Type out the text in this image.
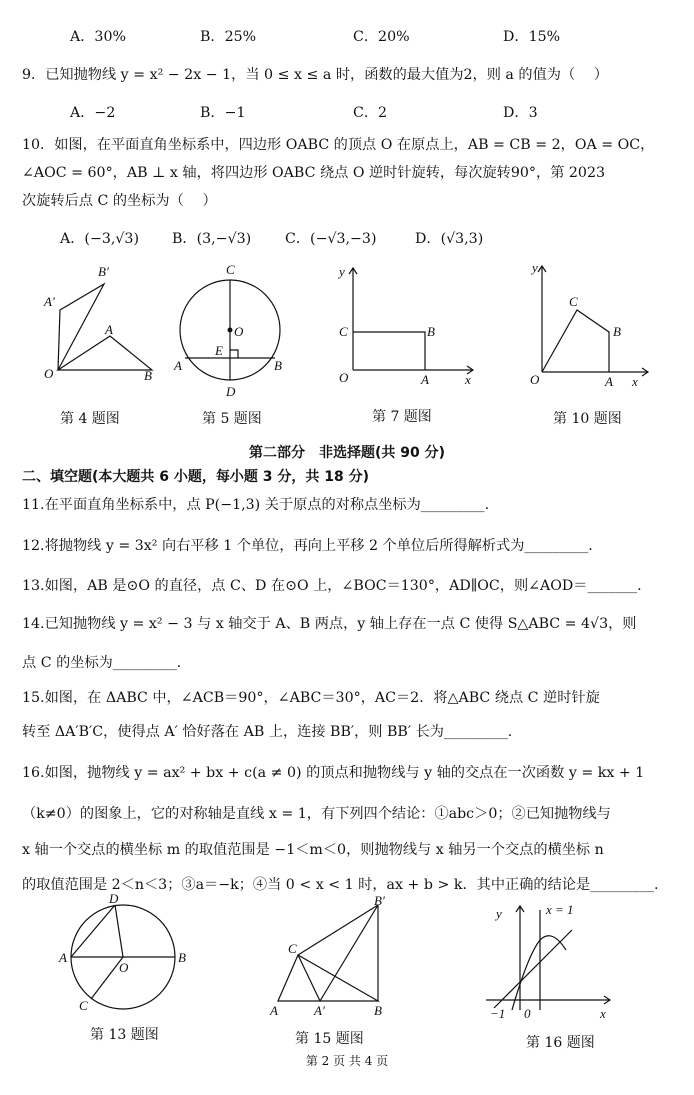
A．30%	B．25%	C．20%	D．15%
9．已知抛物线 y = x² − 2x − 1，当 0 ≤ x ≤ a 时，函数的最大值为2，则 a 的值为（　 ）
A．−2	B．−1	C．2	D．3
10．如图，在平面直角坐标系中，四边形 OABC 的顶点 O 在原点上，AB = CB = 2，OA = OC，
∠AOC = 60°，AB ⊥ x 轴，将四边形 OABC 绕点 O 逆时针旋转，每次旋转90°，第 2023
次旋转后点 C 的坐标为（　 ）
A．(−3,√3) B．(3,−√3) C．(−√3,−3)	D．(√3,3)
B′
A′
A
O	B
第 4 题图
C
O
E
A	B
D
第 5 题图
y
C	B
O	A	x
第 7 题图
y
C
B
O	A x
第 10 题图
第二部分　非选择题(共 90 分)
二、填空题(本大题共 6 小题，每小题 3 分，共 18 分)
11.在平面直角坐标系中，点 P(−1,3) 关于原点的对称点坐标为_________.
12.将抛物线 y = 3x² 向右平移 1 个单位，再向上平移 2 个单位后所得解析式为_________.
13.如图，AB 是⊙O 的直径，点 C、D 在⊙O 上，∠BOC＝130°，AD∥OC，则∠AOD＝_______.
14.已知抛物线 y = x² − 3 与 x 轴交于 A、B 两点，y 轴上存在一点 C 使得 S△ABC = 4√3，则
点 C 的坐标为_________.
15.如图，在 ΔABC 中，∠ACB＝90°，∠ABC＝30°，AC＝2．将△ABC 绕点 C 逆时针旋
转至 ΔA′B′C，使得点 A′ 恰好落在 AB 上，连接 BB′，则 BB′ 长为_________.
16.如图，抛物线 y = ax² + bx + c(a ≠ 0) 的顶点和抛物线与 y 轴的交点在一次函数 y = kx + 1
（k≠0）的图象上，它的对称轴是直线 x = 1，有下列四个结论：①abc＞0；②已知抛物线与
x 轴一个交点的横坐标 m 的取值范围是 −1＜m＜0，则抛物线与 x 轴另一个交点的横坐标 n
的取值范围是 2＜n＜3；③a＝−k；④当 0 < x < 1 时，ax + b > k．其中正确的结论是_________.
D
A
O
B
C
第 13 题图
B′
C
A	A′	B
第 15 题图
y	x = 1
−1 0	x
第 16 题图
第 2 页 共 4 页
